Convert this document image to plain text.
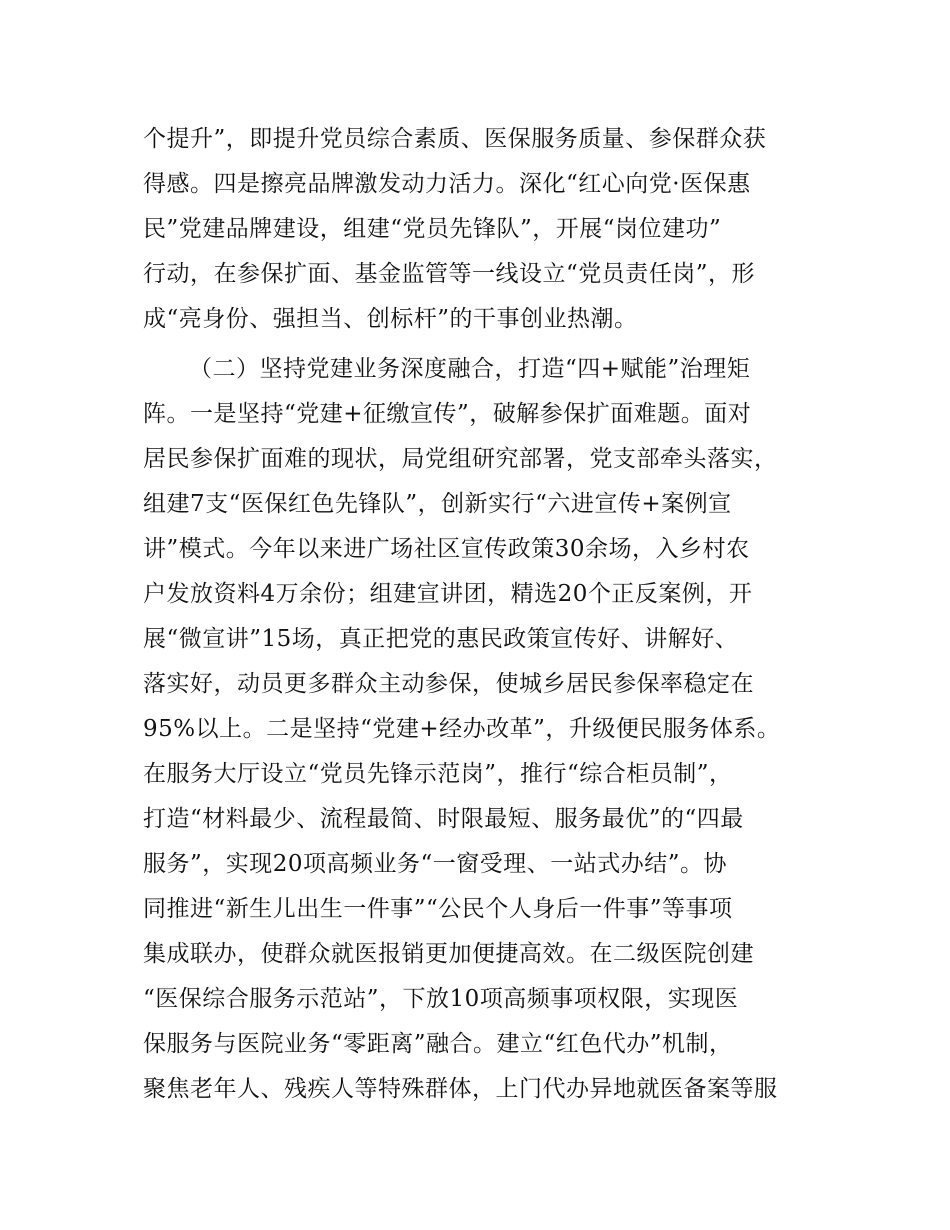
个提升”，即提升党员综合素质、医保服务质量、参保群众获
得感。四是擦亮品牌激发动力活力。深化“红心向党·医保惠
民”党建品牌建设，组建“党员先锋队”，开展“岗位建功”
行动，在参保扩面、基金监管等一线设立“党员责任岗”，形
成“亮身份、强担当、创标杆”的干事创业热潮。
（二）坚持党建业务深度融合，打造“四+赋能”治理矩
阵。一是坚持“党建+征缴宣传”，破解参保扩面难题。面对
居民参保扩面难的现状，局党组研究部署，党支部牵头落实，
组建7支“医保红色先锋队”，创新实行“六进宣传+案例宣
讲”模式。今年以来进广场社区宣传政策30余场，入乡村农
户发放资料4万余份；组建宣讲团，精选20个正反案例，开
展“微宣讲”15场，真正把党的惠民政策宣传好、讲解好、
落实好，动员更多群众主动参保，使城乡居民参保率稳定在
95%以上。二是坚持“党建+经办改革”，升级便民服务体系。
在服务大厅设立“党员先锋示范岗”，推行“综合柜员制”，
打造“材料最少、流程最简、时限最短、服务最优”的“四最
服务”，实现20项高频业务“一窗受理、一站式办结”。协
同推进“新生儿出生一件事”“公民个人身后一件事”等事项
集成联办，使群众就医报销更加便捷高效。在二级医院创建
“医保综合服务示范站”，下放10项高频事项权限，实现医
保服务与医院业务“零距离”融合。建立“红色代办”机制，
聚焦老年人、残疾人等特殊群体，上门代办异地就医备案等服
